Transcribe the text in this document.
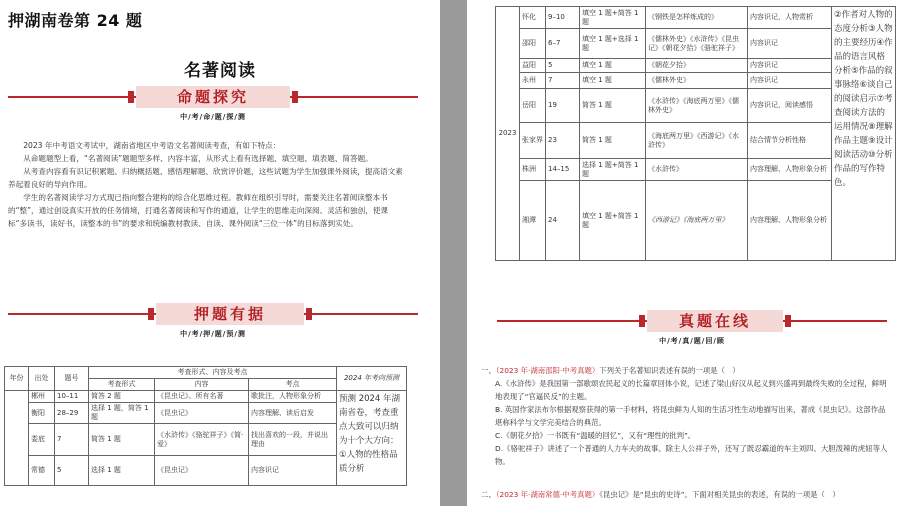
押湖南卷第 24 题
名著阅读
命题探究
中/考/命/题/探/测

2023 年中考语文考试中，湖南省地区中考语文名著阅读考查，有如下特点：

从命题题型上看，“名著阅读”题题型多样、内容丰富，从形式上看有选择题、填空题、填表题、简答题。

从考查内容看有识记积累题、归纳概括题、感悟理解题、欣赏评价题，这些试题为学生加强课外阅读，提高语文素养起着良好的导向作用。

学生的名著阅读学习方式现已指向整合建构的综合化思维过程。教师在组织引导时，需要关注名著阅读整本书的“整”，通过创设真实开放的任务情境，打通名著阅读和写作的通道，让学生的思维走向深阅、灵活和独创，使课标“多读书，读好书，读整本的书”的要求和统编教材教读、自读、课外阅读“三位一体”的目标落到实处。

押题有据
中/考/押/题/预/测
年份	出处	题号	考查形式、内容及考点			2024 年考向预测
			考查形式	内容	考点	
	郴州	10–11	简答 2 题	《昆虫记》、所有名著	歌批注，人物形象分析	预测 2024 年湖南省卷，考查重点大致可以归纳为十个大方向：①人物的性格品质分析
	衡阳	28–29	选择 1 题，简答 1 题	《昆虫记》	内容理解、读后启发	
	娄底	7	简答 1 题	《水浒传》《骆驼祥子》《简·爱》	找出喜欢的一段，并说出理由	
	常德	5	选择 1 题	《昆虫记》	内容识记	
2023	怀化	9–10	填空 1 题+简答 1 题	《钢铁是怎样炼成的》	内容识记，人物赏析	②作者对人物的态度分析③人物的主要经历④作品的语言风格分析⑤作品的叙事脉络⑥谈自己的阅读启示⑦考查阅读方法的运用情况⑧理解作品主题⑨设计阅读活动⑩分析作品的写作特色。
	邵阳	6–7	填空 1 题+选择 1 题	《儒林外史》《水浒传》《昆虫记》《朝花夕拾》《骆驼祥子》	内容识记	
	益阳	5	填空 1 题	《朝花夕拾》	内容识记	
	永州	7	填空 1 题	《儒林外史》	内容识记	
	岳阳	19	简答 1 题	《水浒传》《海底两万里》《儒林外史》	内容识记，阅读感悟	
	张家界	23	简答 1 题	《海底两万里》《西游记》《水浒传》	结合情节分析性格	
	株洲	14–15	选择 1 题+简答 1 题	《水浒传》	内容理解、人物形象分析	
	湘潭	24	填空 1 题+简答 1 题	《西游记》《海底两万里》	内容理解、人物形象分析	
真题在线
中/考/真/题/回/顾
一、（2023 年·湖南邵阳·中考真题）下列关于名著知识表述有误的一项是（　）
A.《水浒传》是我国第一部歌颂农民起义的长篇章回体小说，记述了梁山好汉从起义到兴盛再到最终失败的全过程，鲜明地表现了“官逼民反”的主题。
B. 英国作家法布尔根据观察获得的第一手材料，将昆虫鲜为人知的生活习性生动地描写出来，著成《昆虫记》。这部作品堪称科学与文学完美结合的典范。
C.《朝花夕拾》一书既有“温暖的回忆”，又有“理性的批判”。
D.《骆驼祥子》讲述了一个普通的人力车夫的故事。除主人公祥子外，还写了既忍霸道的车主刘四、大胆泼辣的虎妞等人物。
二、（2023 年·湖南常德·中考真题）《昆虫记》是“昆虫的史诗”。下面对相关昆虫的表述，有误的一项是（　）
